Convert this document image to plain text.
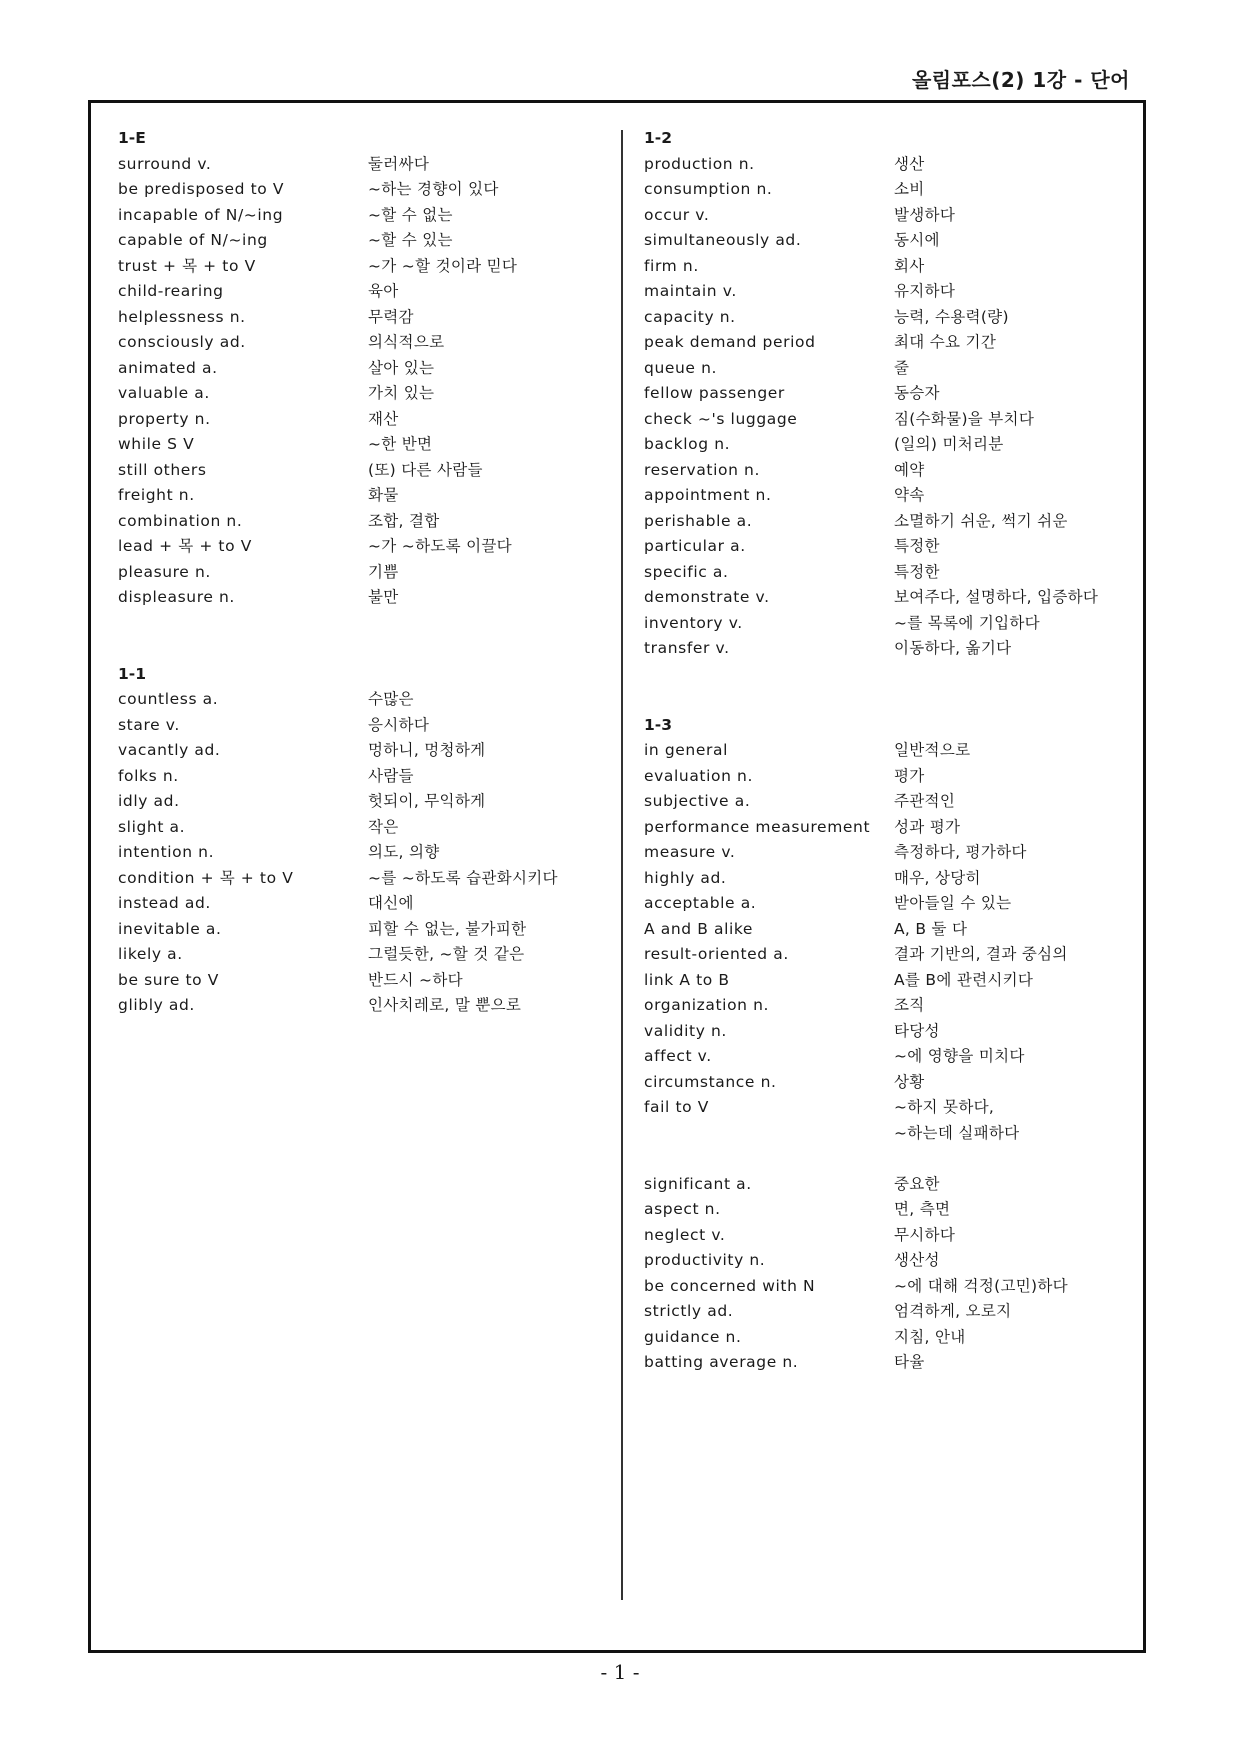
올림포스(2) 1강 - 단어
1-E
surround v.	둘러싸다
be predisposed to V	~하는 경향이 있다
incapable of N/~ing	~할 수 없는
capable of N/~ing	~할 수 있는
trust + 목 + to V	~가 ~할 것이라 믿다
child-rearing	육아
helplessness n.	무력감
consciously ad.	의식적으로
animated a.	살아 있는
valuable a.	가치 있는
property n.	재산
while S V	~한 반면
still others	(또) 다른 사람들
freight n.	화물
combination n.	조합, 결합
lead + 목 + to V	~가 ~하도록 이끌다
pleasure n.	기쁨
displeasure n.	불만
1-1
countless a.	수많은
stare v.	응시하다
vacantly ad.	멍하니, 멍청하게
folks n.	사람들
idly ad.	헛되이, 무익하게
slight a.	작은
intention n.	의도, 의향
condition + 목 + to V	~를 ~하도록 습관화시키다
instead ad.	대신에
inevitable a.	피할 수 없는, 불가피한
likely a.	그럴듯한, ~할 것 같은
be sure to V	반드시 ~하다
glibly ad.	인사치레로, 말 뿐으로
1-2
production n.	생산
consumption n.	소비
occur v.	발생하다
simultaneously ad.	동시에
firm n.	회사
maintain v.	유지하다
capacity n.	능력, 수용력(량)
peak demand period	최대 수요 기간
queue n.	줄
fellow passenger	동승자
check ~'s luggage	짐(수화물)을 부치다
backlog n.	(일의) 미처리분
reservation n.	예약
appointment n.	약속
perishable a.	소멸하기 쉬운, 썩기 쉬운
particular a.	특정한
specific a.	특정한
demonstrate v.	보여주다, 설명하다, 입증하다
inventory v.	~를 목록에 기입하다
transfer v.	이동하다, 옮기다
1-3
in general	일반적으로
evaluation n.	평가
subjective a.	주관적인
performance measurement 성과 평가
measure v.	측정하다, 평가하다
highly ad.	매우, 상당히
acceptable a.	받아들일 수 있는
A and B alike	A, B 둘 다
result-oriented a.	결과 기반의, 결과 중심의
link A to B	A를 B에 관련시키다
organization n.	조직
validity n.	타당성
affect v.	~에 영향을 미치다
circumstance n.	상황
fail to V	~하지 못하다,
~하는데 실패하다
significant a.	중요한
aspect n.	면, 측면
neglect v.	무시하다
productivity n.	생산성
be concerned with N	~에 대해 걱정(고민)하다
strictly ad.	엄격하게, 오로지
guidance n.	지침, 안내
batting average n.	타율
- 1 -
